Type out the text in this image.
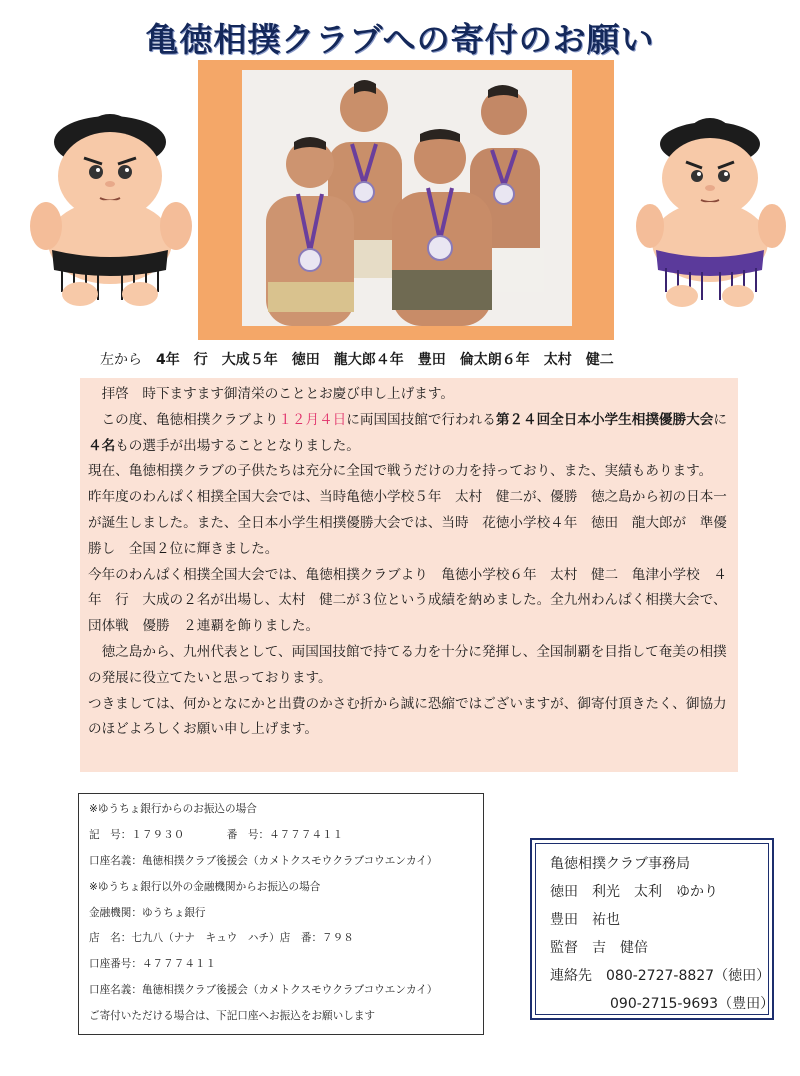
亀徳相撲クラブへの寄付のお願い
左から　 4年　行　大成５年　徳田　龍大郎４年　豊田　倫太朗６年　太村　健二

　拝啓　時下ますます御清栄のこととお慶び申し上げます。

　この度、亀徳相撲クラブより１２月４日に両国国技館で行われる第２４回全日本小学生相撲優勝大会に４名もの選手が出場することとなりました。

現在、亀徳相撲クラブの子供たちは充分に全国で戦うだけの力を持っており、また、実績もあります。

昨年度のわんぱく相撲全国大会では、当時亀徳小学校５年　太村　健二が、優勝　徳之島から初の日本一が誕生しました。また、全日本小学生相撲優勝大会では、当時　花徳小学校４年　徳田　龍大郎が　準優勝し　全国２位に輝きました。

今年のわんぱく相撲全国大会では、亀徳相撲クラブより　亀徳小学校６年　太村　健二　亀津小学校　４年　行　大成の２名が出場し、太村　健二が３位という成績を納めました。全九州わんぱく相撲大会で、団体戦　優勝　２連覇を飾りました。

　徳之島から、九州代表として、両国国技館で持てる力を十分に発揮し、全国制覇を目指して奄美の相撲の発展に役立てたいと思っております。

つきましては、何かとなにかと出費のかさむ折から誠に恐縮ではございますが、御寄付頂きたく、御協力のほどよろしくお願い申し上げます。

※ゆうちょ銀行からのお振込の場合
記　号：１７９３０　　　　番　号：４７７７４１１
口座名義：亀徳相撲クラブ後援会（カメトクスモウクラブコウエンカイ）
※ゆうちょ銀行以外の金融機関からお振込の場合
金融機関：ゆうちょ銀行
店　名：七九八（ナナ　キュウ　ハチ）店　番：７９８
口座番号：４７７７４１１
口座名義：亀徳相撲クラブ後援会（カメトクスモウクラブコウエンカイ）
ご寄付いただける場合は、下記口座へお振込をお願いします
亀徳相撲クラブ事務局
徳田　利光　太利　ゆかり
豊田　祐也
監督　吉　健倍
連絡先　 080-2727-8827（徳田）
090-2715-9693（豊田）
